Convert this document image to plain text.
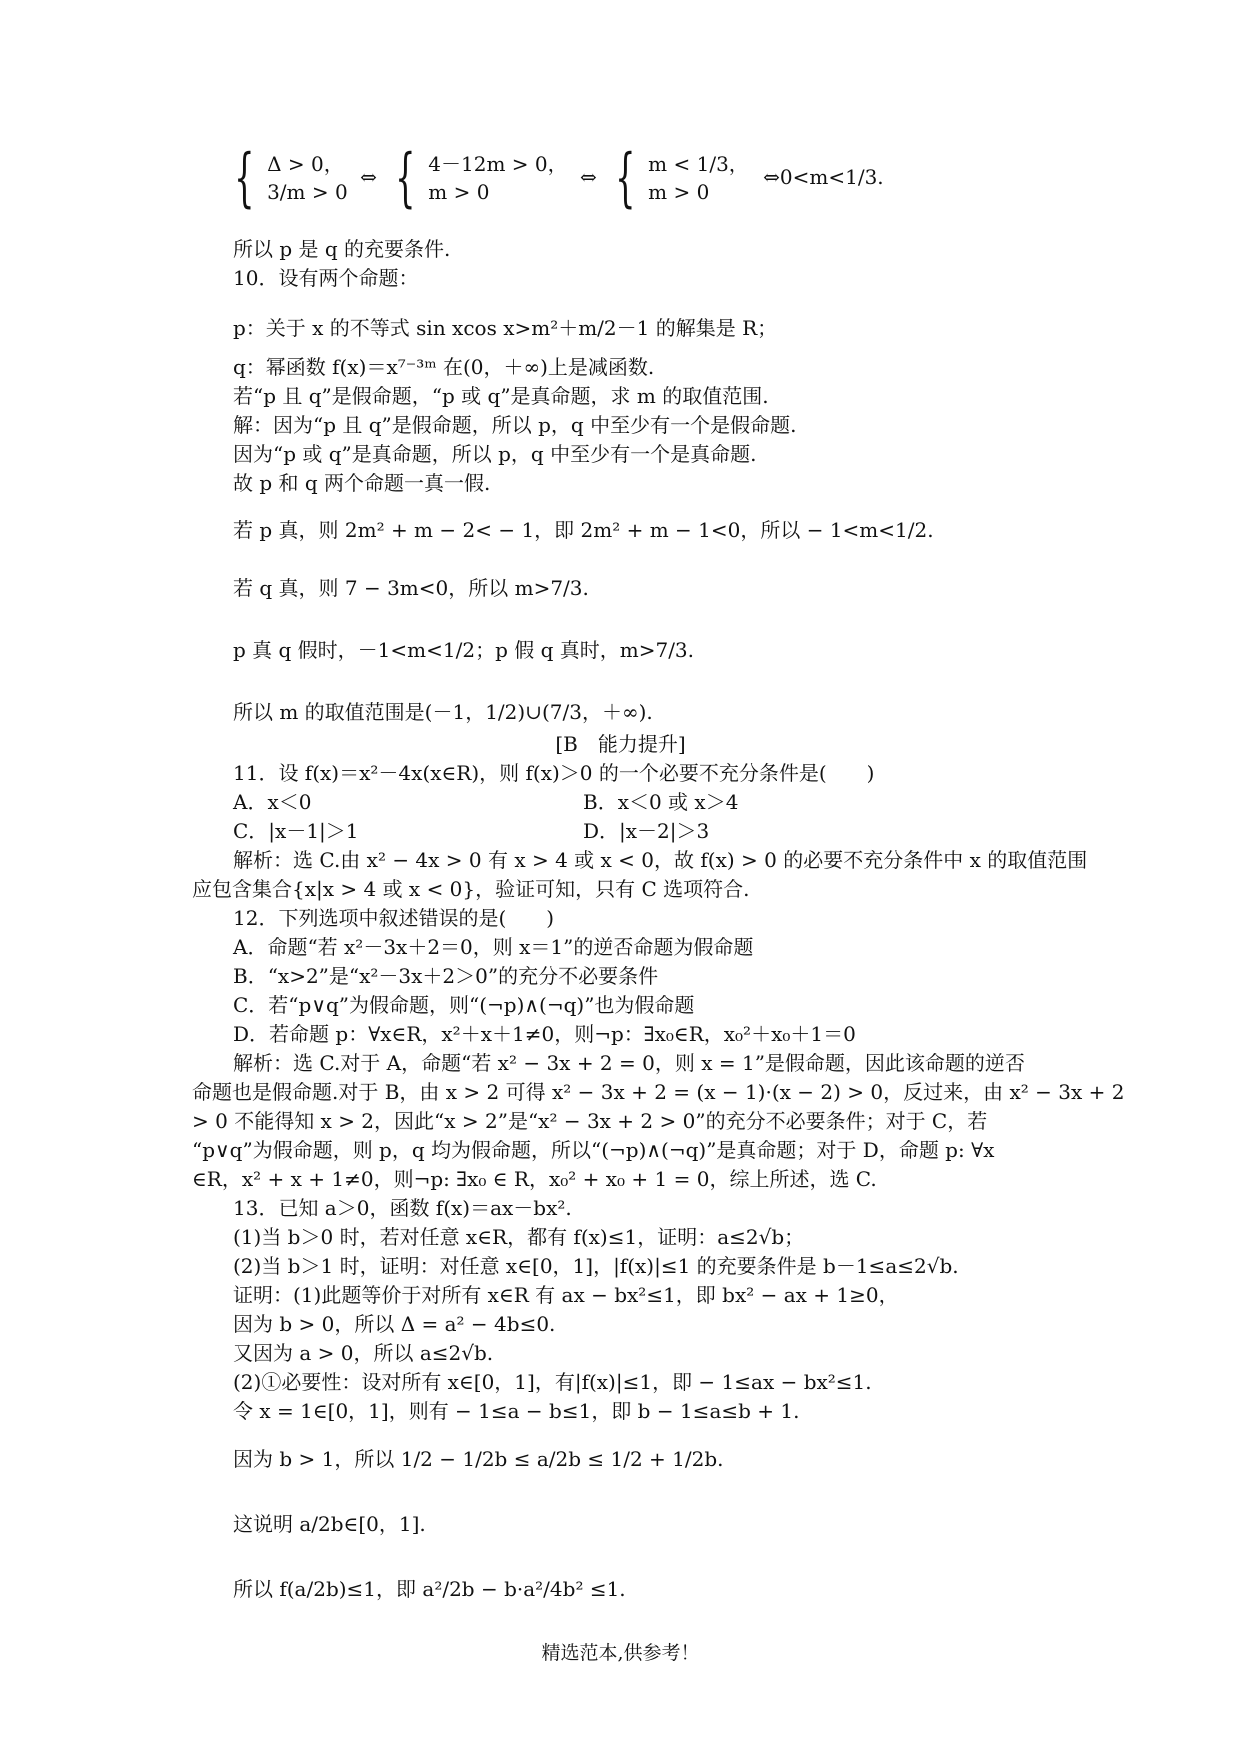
{ Δ > 0，
3/m > 0
⇔ { 4－12m > 0，
m > 0
⇔ { m < 1/3，
m > 0
⇔0<m<1/3.
所以 p 是 q 的充要条件.
10．设有两个命题：
p：关于 x 的不等式 sin xcos x>m²＋m/2－1 的解集是 R；
q：幂函数 f(x)＝x⁷⁻³ᵐ 在(0，＋∞)上是减函数.
若“p 且 q”是假命题，“p 或 q”是真命题，求 m 的取值范围.
解：因为“p 且 q”是假命题，所以 p，q 中至少有一个是假命题.
因为“p 或 q”是真命题，所以 p，q 中至少有一个是真命题.
故 p 和 q 两个命题一真一假.
若 p 真，则 2m² + m − 2< − 1，即 2m² + m − 1<0，所以 − 1<m<1/2.
若 q 真，则 7 − 3m<0，所以 m>7/3.
p 真 q 假时，－1<m<1/2；p 假 q 真时，m>7/3.
所以 m 的取值范围是(－1，1/2)∪(7/3，＋∞).
[B　能力提升]
11．设 f(x)＝x²－4x(x∈R)，则 f(x)＞0 的一个必要不充分条件是(　　)
A．x＜0	B．x＜0 或 x＞4
C．|x－1|＞1	D．|x－2|＞3
解析：选 C.由 x² − 4x > 0 有 x > 4 或 x < 0，故 f(x) > 0 的必要不充分条件中 x 的取值范围
应包含集合{x|x > 4 或 x < 0}，验证可知，只有 C 选项符合.
12．下列选项中叙述错误的是(　　)
A．命题“若 x²－3x＋2＝0，则 x＝1”的逆否命题为假命题
B．“x>2”是“x²－3x＋2＞0”的充分不必要条件
C．若“p∨q”为假命题，则“(¬p)∧(¬q)”也为假命题
D．若命题 p：∀x∈R，x²＋x＋1≠0，则¬p：∃x₀∈R，x₀²＋x₀＋1＝0
解析：选 C.对于 A，命题“若 x² − 3x + 2 = 0，则 x = 1”是假命题，因此该命题的逆否
命题也是假命题.对于 B，由 x > 2 可得 x² − 3x + 2 = (x − 1)·(x − 2) > 0，反过来，由 x² − 3x + 2
> 0 不能得知 x > 2，因此“x > 2”是“x² − 3x + 2 > 0”的充分不必要条件；对于 C，若
“p∨q”为假命题，则 p，q 均为假命题，所以“(¬p)∧(¬q)”是真命题；对于 D，命题 p: ∀x
∈R，x² + x + 1≠0，则¬p: ∃x₀ ∈ R，x₀² + x₀ + 1 = 0，综上所述，选 C.
13．已知 a＞0，函数 f(x)＝ax－bx².
(1)当 b＞0 时，若对任意 x∈R，都有 f(x)≤1，证明：a≤2√b；
(2)当 b＞1 时，证明：对任意 x∈[0，1]，|f(x)|≤1 的充要条件是 b－1≤a≤2√b.
证明：(1)此题等价于对所有 x∈R 有 ax − bx²≤1，即 bx² − ax + 1≥0，
因为 b > 0，所以 Δ = a² − 4b≤0.
又因为 a > 0，所以 a≤2√b.
(2)①必要性：设对所有 x∈[0，1]，有|f(x)|≤1，即 − 1≤ax − bx²≤1.
令 x = 1∈[0，1]，则有 − 1≤a − b≤1，即 b − 1≤a≤b + 1.
因为 b > 1，所以 1/2 − 1/2b ≤ a/2b ≤ 1/2 + 1/2b.
这说明 a/2b∈[0，1].
所以 f(a/2b)≤1，即 a²/2b − b·a²/4b² ≤1.
精选范本,供参考！
